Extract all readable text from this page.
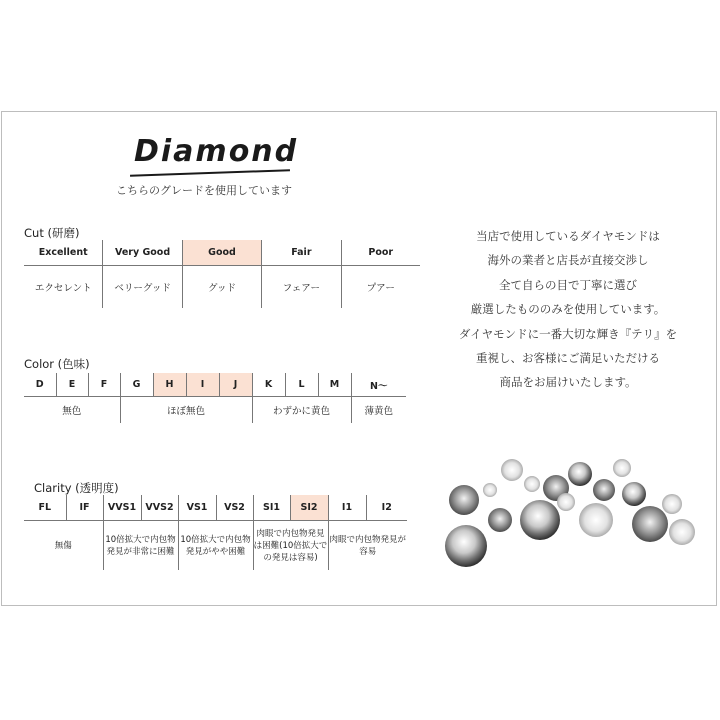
Diamond
こちらのグレードを使用しています
Cut (研磨)
Excellent	Very Good	Good	Fair	Poor
エクセレント	ベリーグッド	グッド	フェアー	プアー
Color (色味)
D	E	F	G	H	I	J	K	L	M	N〜
無色			ほぼ無色				わずかに黄色			薄黄色
Clarity (透明度)
FL	IF	VVS1	VVS2	VS1	VS2	SI1	SI2	I1	I2
無傷		10倍拡大で内包物発見が非常に困難		10倍拡大で内包物発見がやや困難		肉眼で内包物発見は困難(10倍拡大での発見は容易)		肉眼で内包物発見が容易	
当店で使用しているダイヤモンドは
海外の業者と店長が直接交渉し
全て自らの目で丁寧に選び
厳選したもののみを使用しています。
ダイヤモンドに一番大切な輝き『テリ』を
重視し、お客様にご満足いただける
商品をお届けいたします。
